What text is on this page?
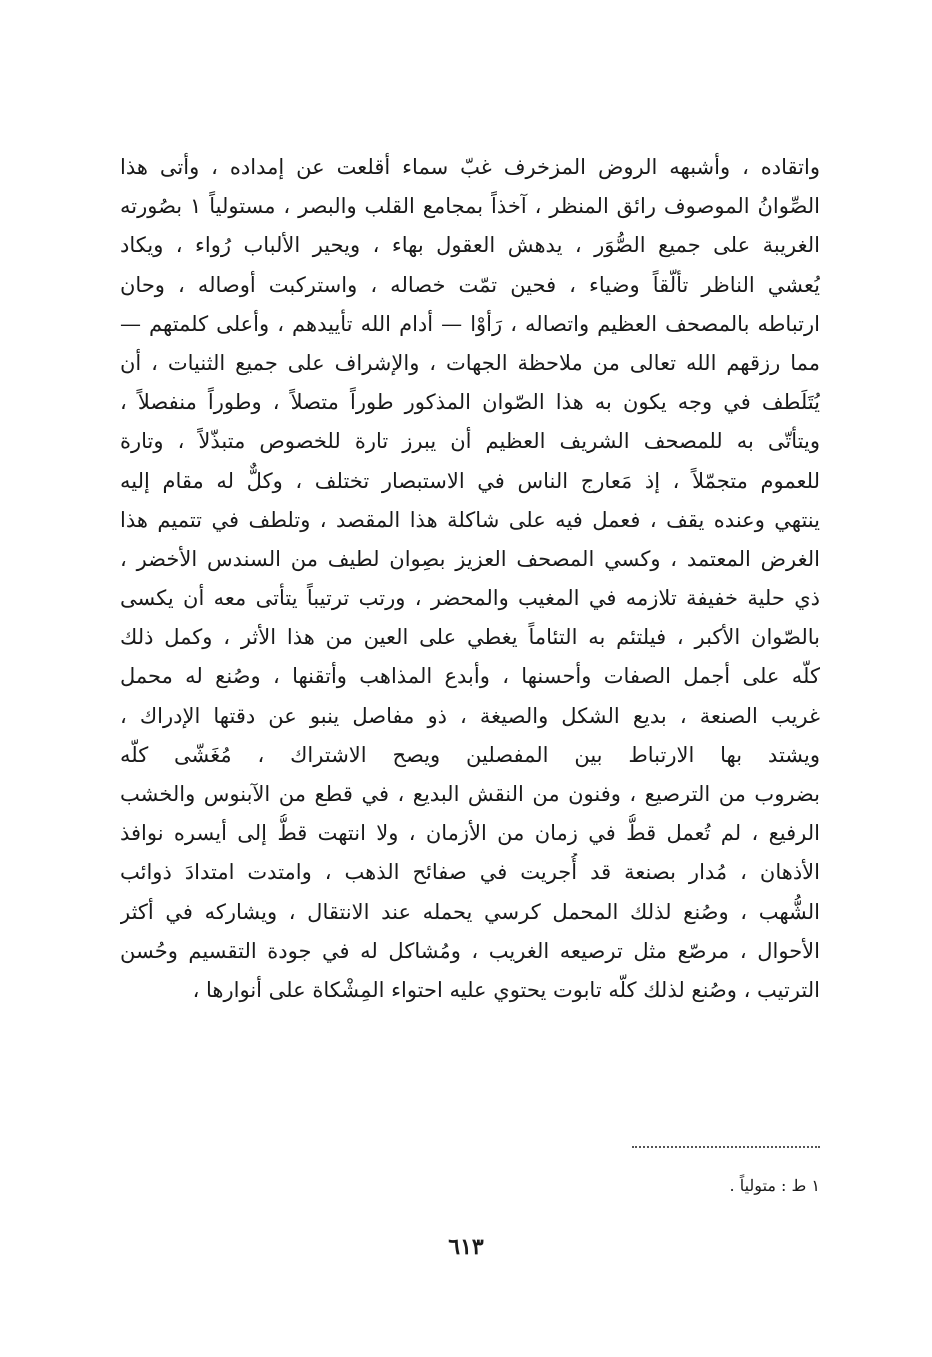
واتقاده ، وأشبهه الروض المزخرف غبّ سماء أقلعت عن إمداده ، وأتى هذا
الصِّوانُ الموصوف رائق المنظر ، آخذاً بمجامع القلب والبصر ، مستولياً ١ بصُورته
الغريبة على جميع الصُّوَر ، يدهش العقول بهاء ، ويحير الألباب رُواء ، ويكاد
يُعشي الناظر تألّقاً وضياء ، فحين تمّت خصاله ، واستركبت أوصاله ، وحان
ارتباطه بالمصحف العظيم واتصاله ، رَأوْا — أدام الله تأييدهم ، وأعلى كلمتهم —
مما رزقهم الله تعالى من ملاحظة الجهات ، والإشراف على جميع الثنيات ، أن
يُتَلَطف في وجه يكون به هذا الصّوان المذكور طوراً متصلاً ، وطوراً منفصلاً ،
ويتأتّى به للمصحف الشريف العظيم أن يبرز تارة للخصوص متبذّلاً ، وتارة
للعموم متجمّلاً ، إذ مَعارج الناس في الاستبصار تختلف ، وكلٌّ له مقام إليه
ينتهي وعنده يقف ، فعمل فيه على شاكلة هذا المقصد ، وتلطف في تتميم هذا
الغرض المعتمد ، وكسي المصحف العزيز بصِوان لطيف من السندس الأخضر ،
ذي حلية خفيفة تلازمه في المغيب والمحضر ، ورتب ترتيباً يتأتى معه أن يكسى
بالصّوان الأكبر ، فيلتئم به التئاماً يغطي على العين من هذا الأثر ، وكمل ذلك
كلّه على أجمل الصفات وأحسنها ، وأبدع المذاهب وأتقنها ، وصُنع له محمل
غريب الصنعة ، بديع الشكل والصيغة ، ذو مفاصل ينبو عن دقتها الإدراك ،
ويشتد بها الارتباط بين المفصلين ويصح الاشتراك ، مُغَشّى كلّه
بضروب من الترصيع ، وفنون من النقش البديع ، في قطع من الآبنوس والخشب
الرفيع ، لم تُعمل قطُّ في زمان من الأزمان ، ولا انتهت قطُّ إلى أيسره نوافذ
الأذهان ، مُدار بصنعة قد أُجريت في صفائح الذهب ، وامتدت امتدادَ ذوائب
الشُّهب ، وصُنع لذلك المحمل كرسي يحمله عند الانتقال ، ويشاركه في أكثر
الأحوال ، مرصّع مثل ترصيعه الغريب ، ومُشاكل له في جودة التقسيم وحُسن
الترتيب ، وصُنع لذلك كلّه تابوت يحتوي عليه احتواء المِشْكاة على أنوارها ،
١ ط : متولياً .
٦١٣
